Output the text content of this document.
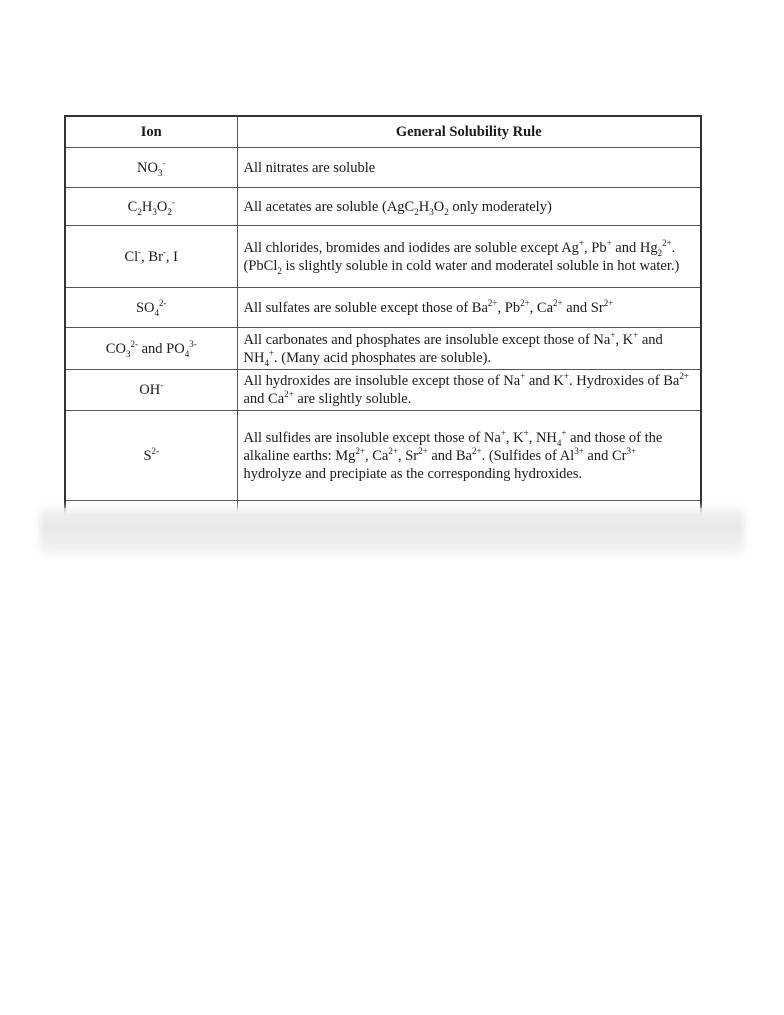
Ion	General Solubility Rule
$NO_3^-$	All nitrates are soluble
$C_2H_3O_2^-$	All acetates are soluble ($AgC_2H_3O_2$ only moderately)
Cl-, Br-, I	All chlorides, bromides and iodides are soluble except Ag+, Pb+ and $Hg_2^{2+}$. (PbCl$_2$ is slightly soluble in cold water and moderatel soluble in hot water.)
$SO_4^{2-}$	All sulfates are soluble except those of $Ba^{2+}$, $Pb^{2+}$, $Ca^{2+}$ and $Sr^{2+}$
$CO_3^{2-}$ and $PO_4^{3-}$	All carbonates and phosphates are insoluble except those of Na+, K+ and $NH_4^+$. (Many acid phosphates are soluble).
OH-	All hydroxides are insoluble except those of Na+ and K+. Hydroxides of $Ba^{2+}$ and $Ca^{2+}$ are slightly soluble.
$S^{2-}$	All sulfides are insoluble except those of Na+, K+, $NH_4^+$ and those of the alkaline earths: $Mg^{2+}$, $Ca^{2+}$, $Sr^{2+}$ and $Ba^{2+}$. (Sulfides of $Al^{3+}$ and $Cr^{3+}$ hydrolyze and precipiate as the corresponding hydroxides.
